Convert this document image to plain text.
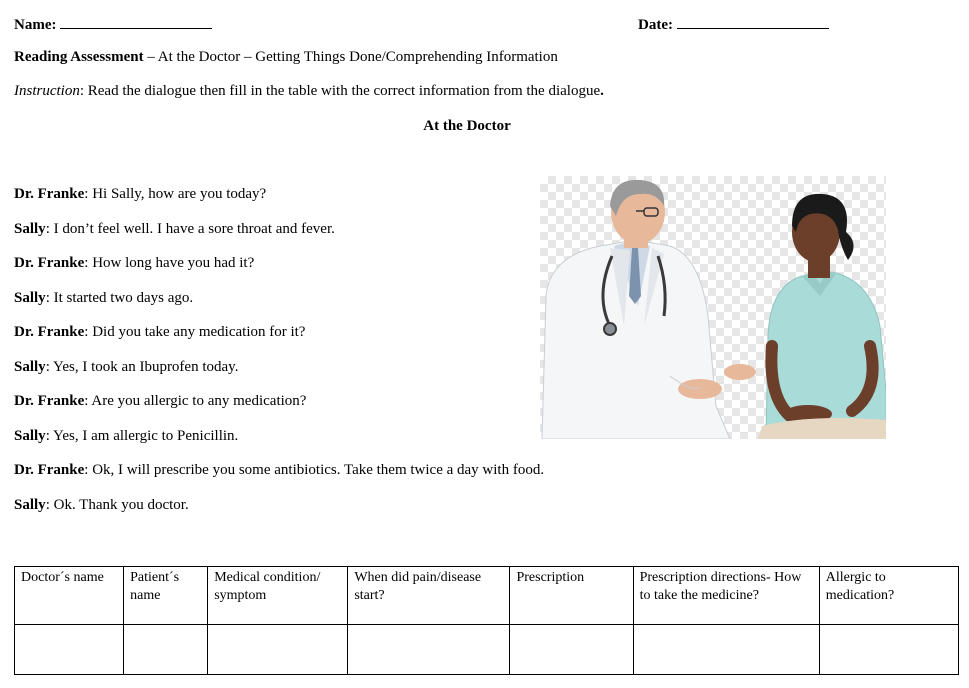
Name:	Date:
Reading Assessment – At the Doctor – Getting Things Done/Comprehending Information
Instruction: Read the dialogue then fill in the table with the correct information from the dialogue.
At the Doctor
Dr. Franke: Hi Sally, how are you today?
Sally: I don’t feel well. I have a sore throat and fever.
Dr. Franke: How long have you had it?
Sally: It started two days ago.
Dr. Franke: Did you take any medication for it?
Sally: Yes, I took an Ibuprofen today.
Dr. Franke: Are you allergic to any medication?
Sally: Yes, I am allergic to Penicillin.
Dr. Franke: Ok, I will prescribe you some antibiotics. Take them twice a day with food.
Sally: Ok. Thank you doctor.
Doctor´s name	Patient´s name	Medical condition/ symptom	When did pain/disease start?	Prescription	Prescription directions- How to take the medicine?	Allergic to medication?
